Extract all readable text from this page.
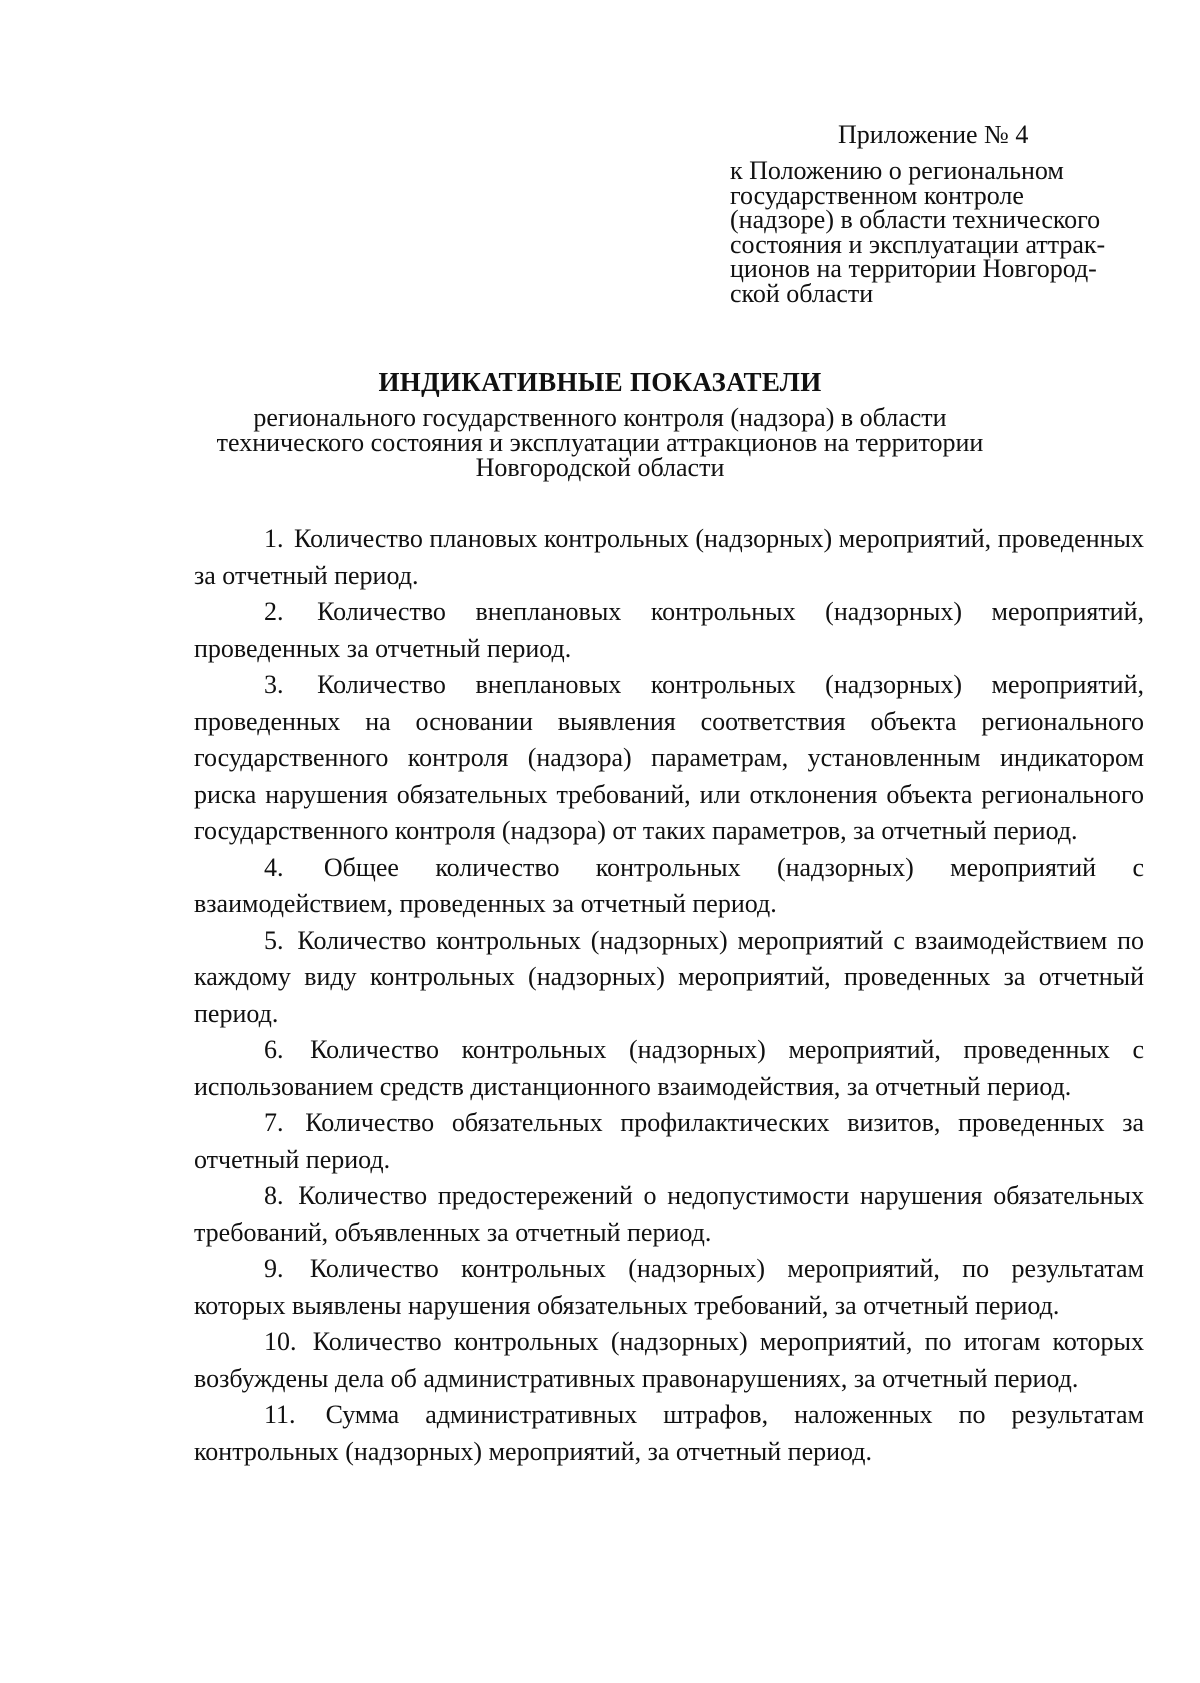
Приложение № 4
к Положению о региональном
государственном контроле
(надзоре) в области технического
состояния и эксплуатации аттрак-
ционов на территории Новгород-
ской области
ИНДИКАТИВНЫЕ ПОКАЗАТЕЛИ
регионального государственного контроля (надзора) в области
технического состояния и эксплуатации аттракционов на территории
Новгородской области

1. Количество плановых контрольных (надзорных) мероприятий, проведенных за отчетный период.

2. Количество внеплановых контрольных (надзорных) мероприятий, проведенных за отчетный период.

3. Количество внеплановых контрольных (надзорных) мероприятий, проведенных на основании выявления соответствия объекта регионального государственного контроля (надзора) параметрам, установленным индикатором риска нарушения обязательных требований, или отклонения объекта регионального государственного контроля (надзора) от таких параметров, за отчетный период.

4. Общее количество контрольных (надзорных) мероприятий с взаимодействием, проведенных за отчетный период.

5. Количество контрольных (надзорных) мероприятий с взаимодействием по каждому виду контрольных (надзорных) мероприятий, проведенных за отчетный период.

6. Количество контрольных (надзорных) мероприятий, проведенных с использованием средств дистанционного взаимодействия, за отчетный период.

7. Количество обязательных профилактических визитов, проведенных за отчетный период.

8. Количество предостережений о недопустимости нарушения обязательных требований, объявленных за отчетный период.

9. Количество контрольных (надзорных) мероприятий, по результатам которых выявлены нарушения обязательных требований, за отчетный период.

10. Количество контрольных (надзорных) мероприятий, по итогам которых возбуждены дела об административных правонарушениях, за отчетный период.

11. Сумма административных штрафов, наложенных по результатам контрольных (надзорных) мероприятий, за отчетный период.
